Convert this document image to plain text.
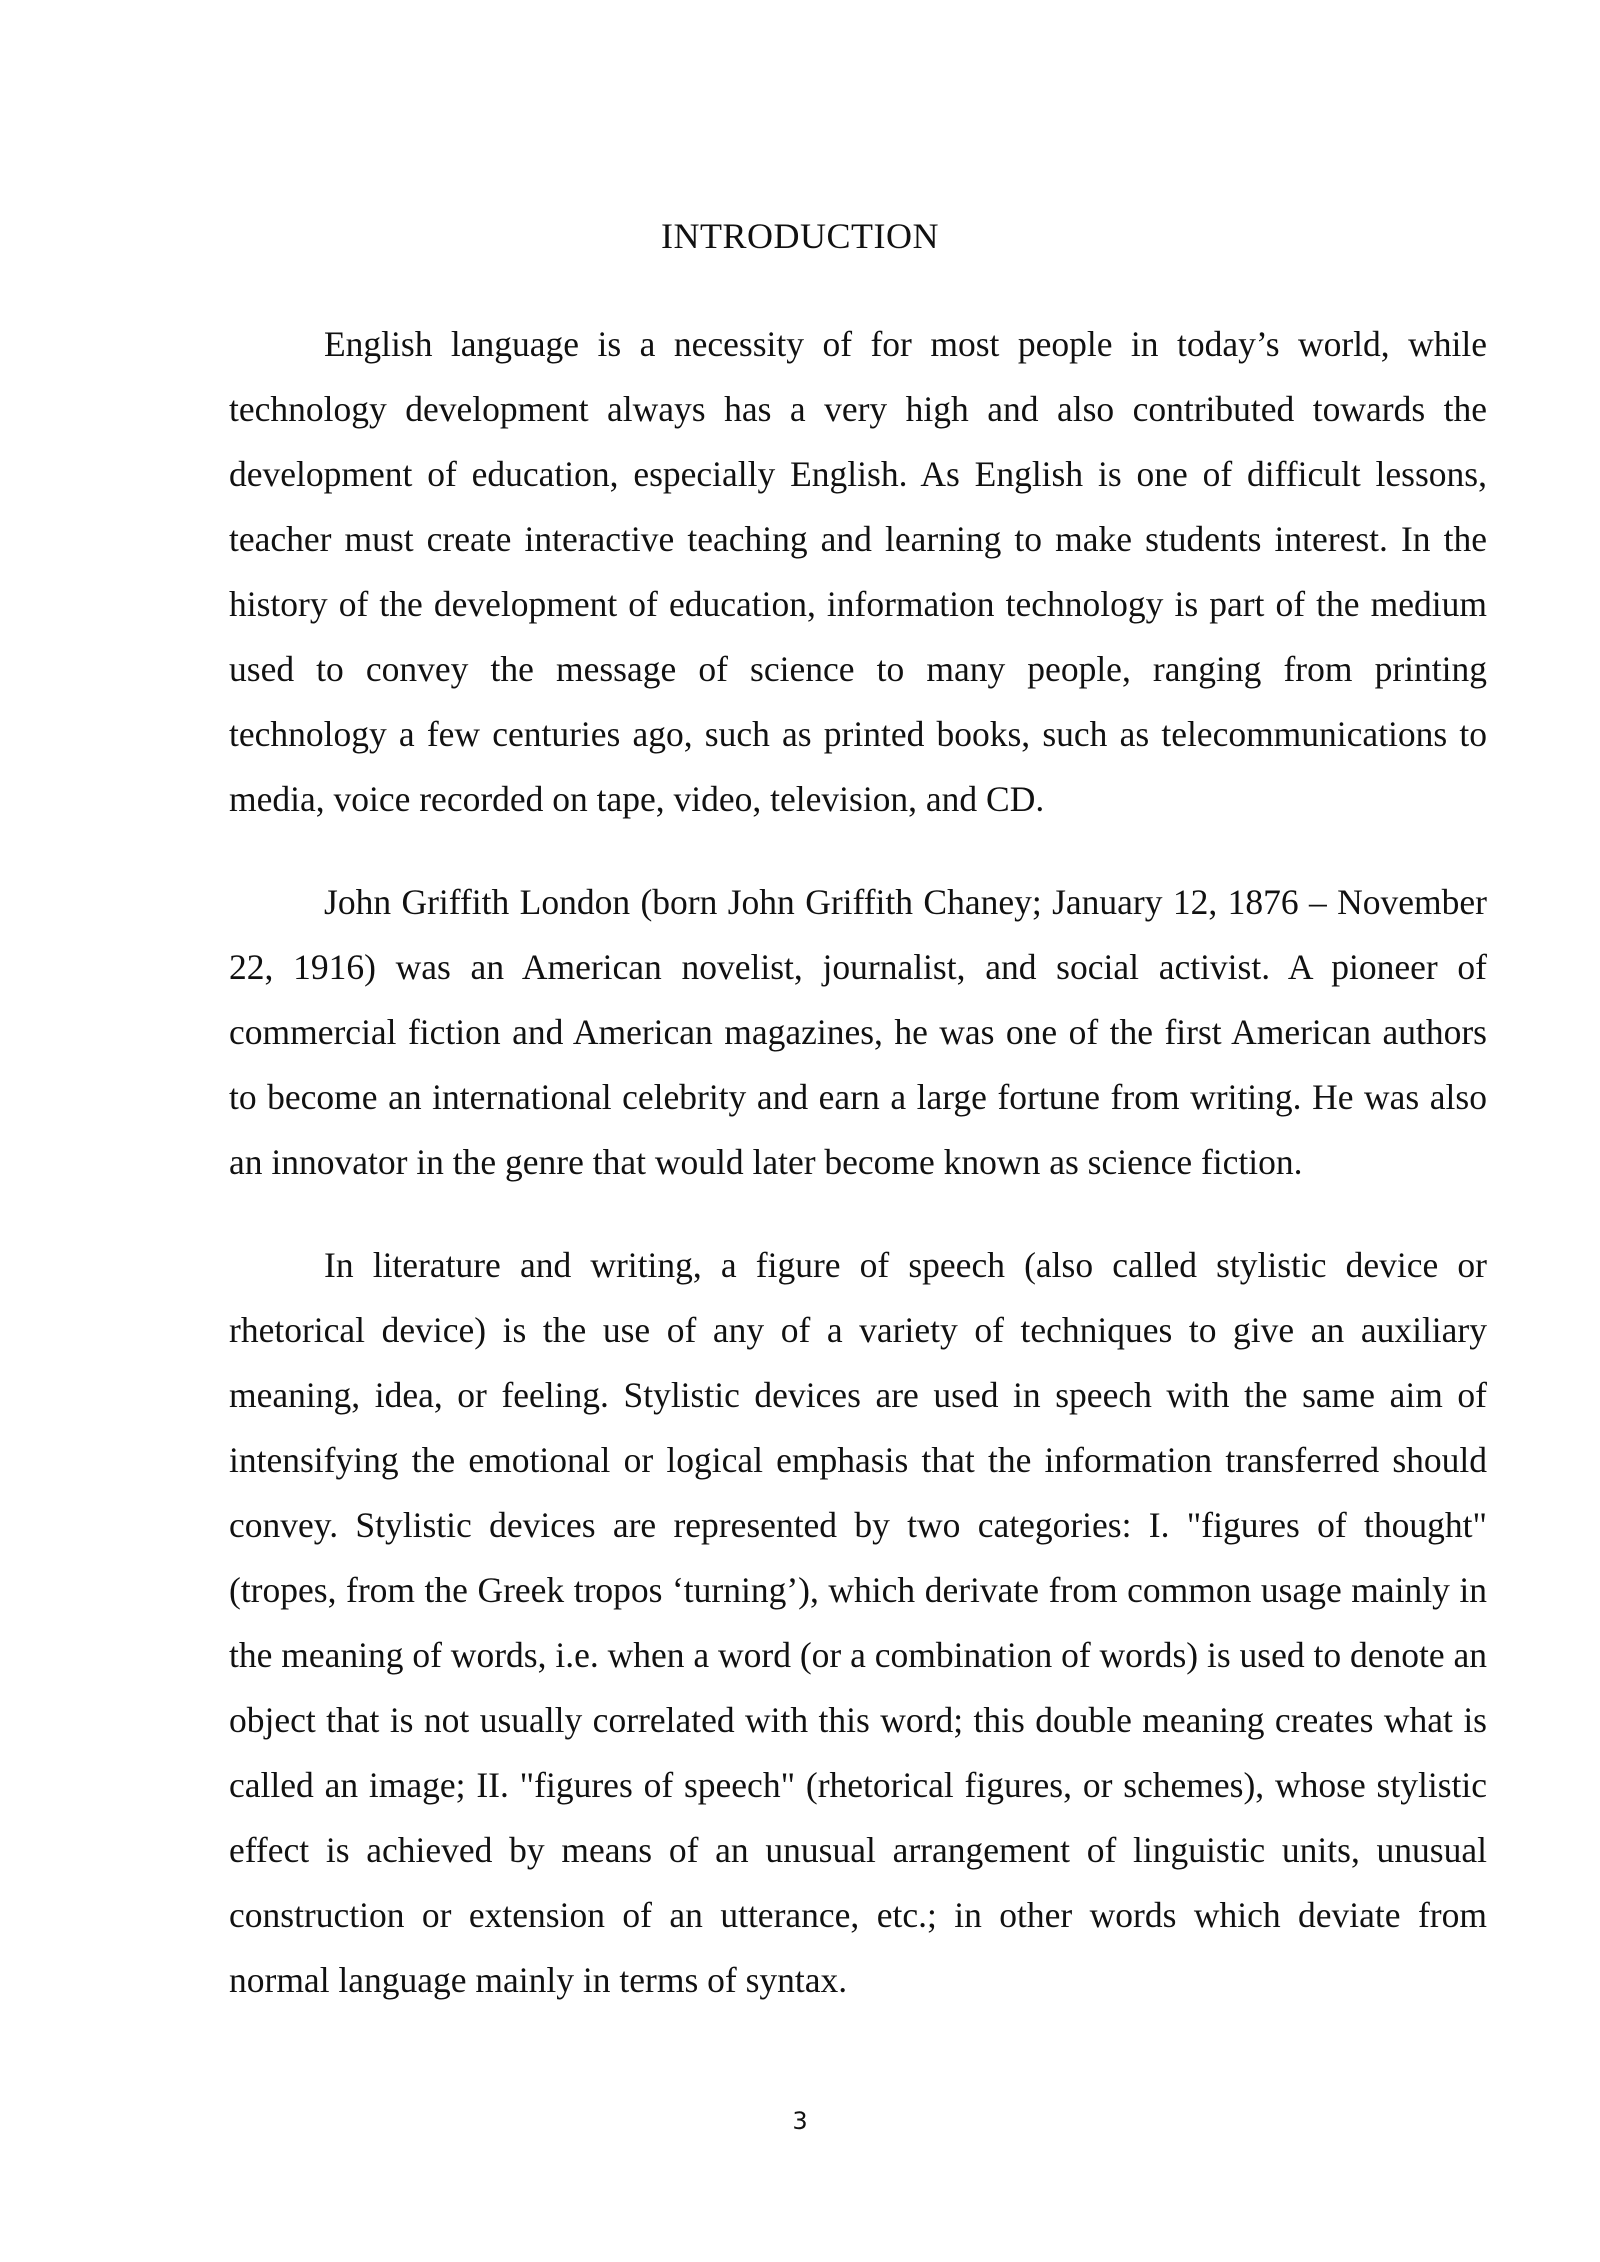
INTRODUCTION

English language is a necessity of for most people in today’s world, while technology development always has a very high and also contributed towards the development of education, especially English. As English is one of difficult lessons, teacher must create interactive teaching and learning to make students interest. In the history of the development of education, information technology is part of the medium used to convey the message of science to many people, ranging from printing technology a few centuries ago, such as printed books, such as telecommunications to media, voice recorded on tape, video, television, and CD.

John Griffith London (born John Griffith Chaney; January 12, 1876 – November 22, 1916) was an American novelist, journalist, and social activist. A pioneer of commercial fiction and American magazines, he was one of the first American authors to become an international celebrity and earn a large fortune from writing. He was also an innovator in the genre that would later become known as science fiction.

In literature and writing, a figure of speech (also called stylistic device or rhetorical device) is the use of any of a variety of techniques to give an auxiliary meaning, idea, or feeling. Stylistic devices are used in speech with the same aim of intensifying the emotional or logical emphasis that the information transferred should convey. Stylistic devices are represented by two categories: I. "figures of thought" (tropes, from the Greek tropos ‘turning’), which derivate from common usage mainly in the meaning of words, i.e. when a word (or a combination of words) is used to denote an object that is not usually correlated with this word; this double meaning creates what is called an image; II. "figures of speech" (rhetorical figures, or schemes), whose stylistic effect is achieved by means of an unusual arrangement of linguistic units, unusual construction or extension of an utterance, etc.; in other words which deviate from normal language mainly in terms of syntax.

3
